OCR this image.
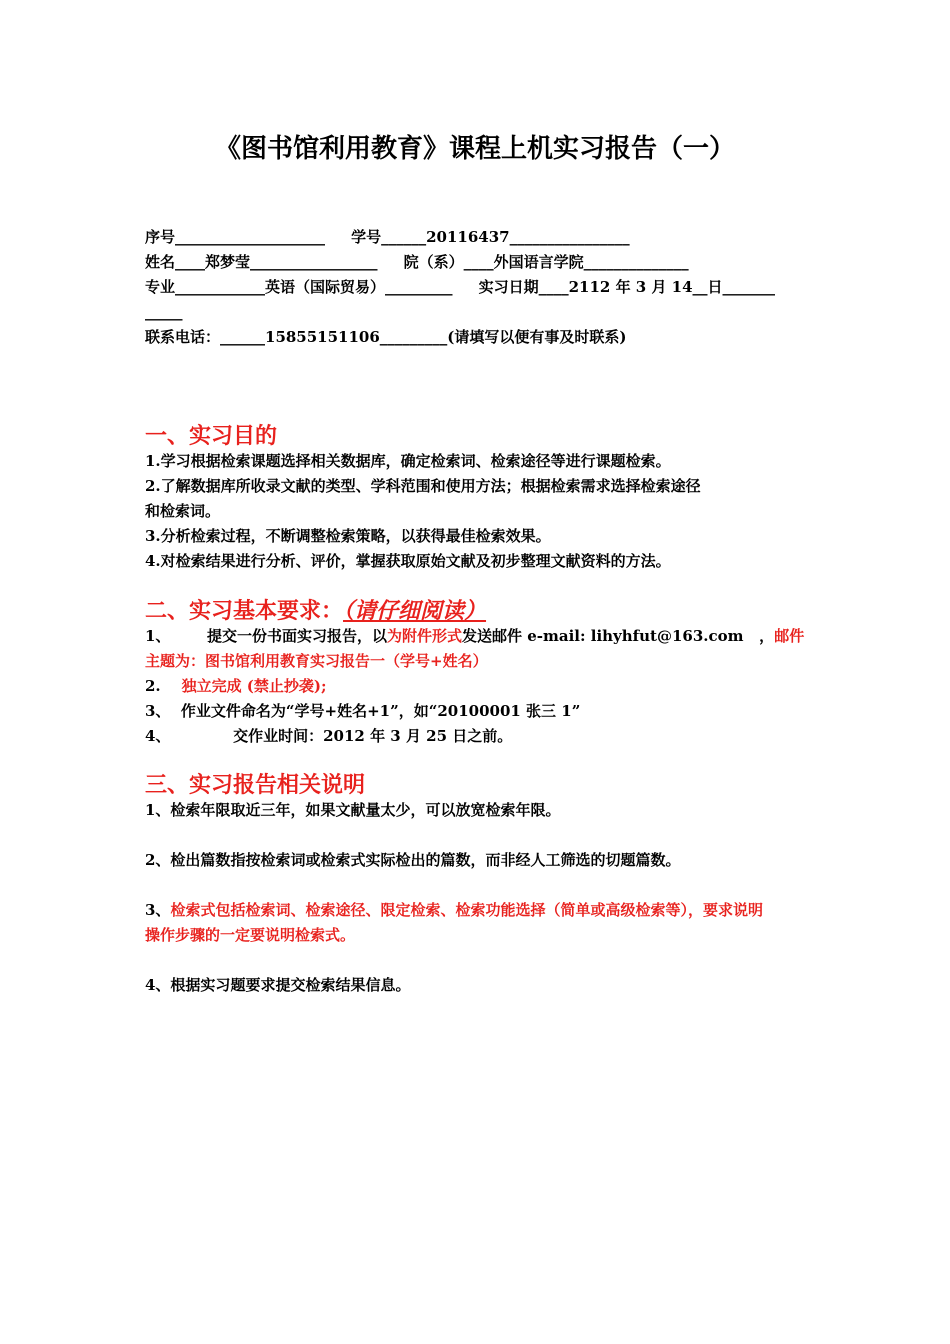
《图书馆利用教育》课程上机实习报告（一）
序号____________________     学号______20116437________________
姓名____郑梦莹_________________     院（系）____外国语言学院______________
专业____________英语（国际贸易）_________     实习日期____2112 年 3 月 14__日_______
_____
联系电话：______15855151106_________(请填写以便有事及时联系)
一、实习目的
1.学习根据检索课题选择相关数据库，确定检索词、检索途径等进行课题检索。
2.了解数据库所收录文献的类型、学科范围和使用方法；根据检索需求选择检索途径
和检索词。
3.分析检索过程，不断调整检索策略，以获得最佳检索效果。
4.对检索结果进行分析、评价，掌握获取原始文献及初步整理文献资料的方法。
二、实习基本要求：（请仔细阅读）
1、       提交一份书面实习报告，以为附件形式发送邮件 e-mail: lihyhfut@163.com   ，邮件
主题为：图书馆利用教育实习报告一（学号+姓名）
2.    独立完成 (禁止抄袭);
3、  作业文件命名为“学号+姓名+1”，如“20100001 张三 1”
4、            交作业时间：2012 年 3 月 25 日之前。
三、实习报告相关说明
1、检索年限取近三年，如果文献量太少，可以放宽检索年限。
2、检出篇数指按检索词或检索式实际检出的篇数，而非经人工筛选的切题篇数。
3、检索式包括检索词、检索途径、限定检索、检索功能选择（简单或高级检索等），要求说明
操作步骤的一定要说明检索式。
4、根据实习题要求提交检索结果信息。
